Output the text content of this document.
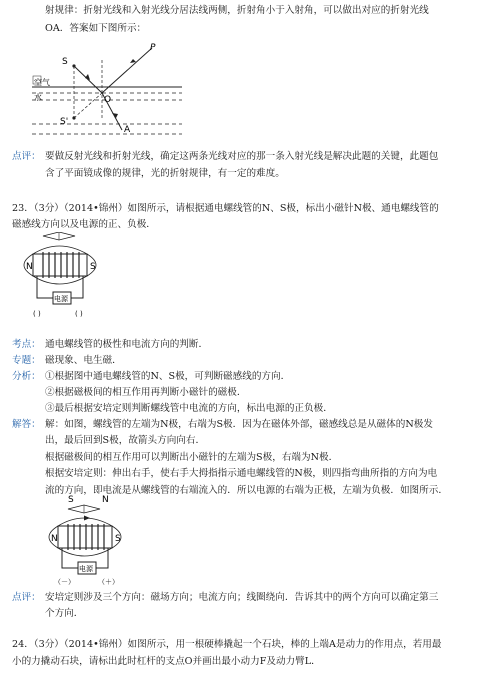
射规律：折射光线和入射光线分居法线两侧，折射角小于入射角，可以做出对应的折射光线
OA．答案如下图所示：
S
P
O
A
S'
空气
水
点评： 要做反射光线和折射光线，确定这两条光线对应的那一条入射光线是解决此题的关键，此题包
含了平面镜成像的规律，光的折射规律，有一定的难度。
23．（3分）（2014•锦州）如图所示，请根据通电螺线管的N、S极，标出小磁针N极、通电螺线管的
磁感线方向以及电源的正、负极．
N	S
电源
( )	( )
考点： 通电螺线管的极性和电流方向的判断．
专题： 磁现象、电生磁．
分析： ①根据图中通电螺线管的N、S极，可判断磁感线的方向．
②根据磁极间的相互作用再判断小磁针的磁极．
③最后根据安培定则判断螺线管中电流的方向，标出电源的正负极．
解答： 解：如图，螺线管的左端为N极，右端为S极．因为在磁体外部，磁感线总是从磁体的N极发
出，最后回到S极，故箭头方向向右．
根据磁极间的相互作用可以判断出小磁针的左端为S极，右端为N极．
根据安培定则：伸出右手，使右手大拇指指示通电螺线管的N极，则四指弯曲所指的方向为电
流的方向，即电流是从螺线管的右端流入的．所以电源的右端为正极，左端为负极．如图所示．
S	N
N	S
电源
（－）	（＋）
点评： 安培定则涉及三个方向：磁场方向；电流方向；线圈绕向．告诉其中的两个方向可以确定第三
个方向．
24．（3分）（2014•锦州）如图所示，用一根硬棒撬起一个石块，棒的上端A是动力的作用点，若用最
小的力撬动石块，请标出此时杠杆的支点O并画出最小动力F及动力臂L．
